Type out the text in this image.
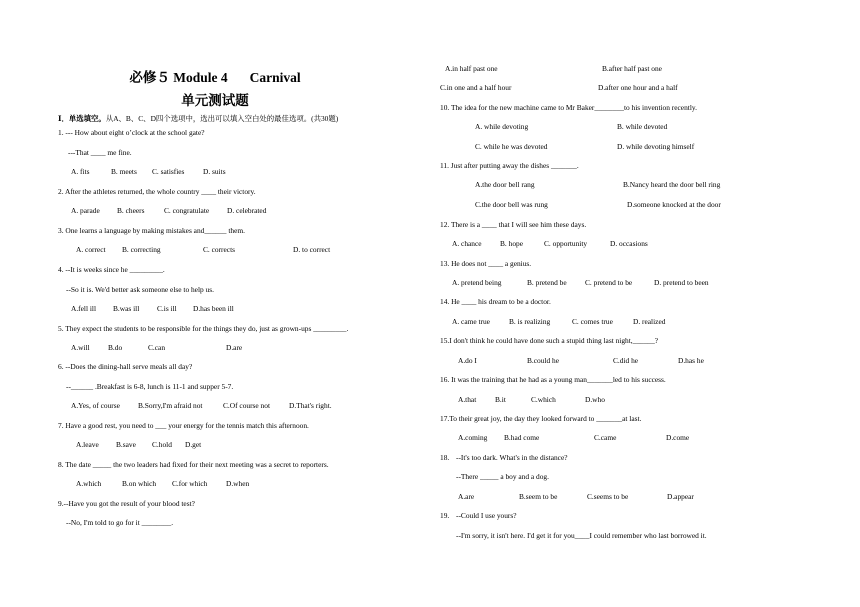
必修５ Module 4 Carnival
单元测试题
Ⅰ．单选填空。从A、B、C、D四个选项中，选出可以填入空白处的最佳选项。(共30题)
1. --- How about eight o’clock at the school gate?
---That ____ me fine.
A. fits	B. meets C. satisfies	D. suits
2. After the athletes returned, the whole country ____ their victory.
A. parade B. cheers	C. congratulate D. celebrated
3. One learns a language by making mistakes and______ them.
A. correct B. correcting	C. corrects	D. to correct
4. --It is weeks since he _________.
--So it is. We'd better ask someone else to help us.
A.fell ill B.was ill C.is ill D.has been ill
5. They expect the students to be responsible for the things they do, just as grown-ups _________.
A.will B.do	C.can	D.are
6. --Does the dining-hall serve meals all day?
--______ .Breakfast is 6-8, lunch is 11-1 and supper 5-7.
A.Yes, of course B.Sorry,I'm afraid not	C.Of course not	D.That's right.
7. Have a good rest, you need to ___ your energy for the tennis match this afternoon.
A.leave B.save C.hold D.get
8. The date _____ the two leaders had fixed for their next meeting was a secret to reporters.
A.which	B.on which C.for which	D.when
9.--Have you got the result of your blood test?
--No, I'm told to go for it ________.
A.in half past one	B.after half past one
C.in one and a half hour	D.after one hour and a half
10. The idea for the new machine came to Mr Baker________to his invention recently.
A. while devoting	B. while devoted
C. while he was devoted	D. while devoting himself
11. Just after putting away the dishes _______.
A.the door bell rang	B.Nancy heard the door bell ring
C.the door bell was rung	D.someone knocked at the door
12. There is a ____ that I will see him these days.
A. chance B. hope	C. opportunity	D. occasions
13. He does not ____ a genius.
A. pretend being	B. pretend be C. pretend to be	D. pretend to been
14. He ____ his dream to be a doctor.
A. came true	B. is realizing	C. comes true	D. realized
15.I don't think he could have done such a stupid thing last night,______?
A.do I	B.could he	C.did he	D.has he
16. It was the training that he had as a young man_______led to his success.
A.that	B.it	C.which	D.who
17.To their great joy, the day they looked forward to _______at last.
A.coming B.had come	C.came	D.come
18. --It's too dark. What's in the distance?
--There _____ a boy and a dog.
A.are	B.seem to be	C.seems to be	D.appear
19. --Could I use yours?
--I'm sorry, it isn't here. I'd get it for you____I could remember who last borrowed it.
